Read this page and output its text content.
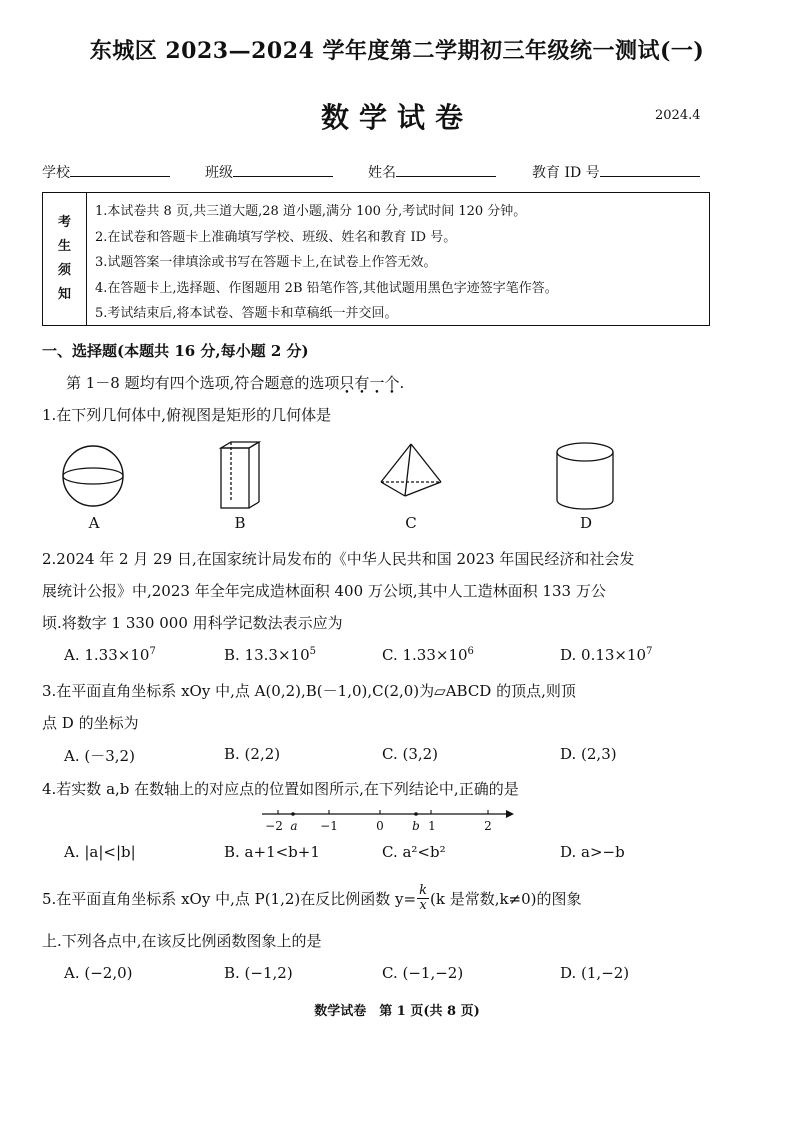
东城区 2023—2024 学年度第二学期初三年级统一测试(一)
数学试卷	2024.4
学校	班级	姓名	教育 ID 号
考
生
须
知
1.本试卷共 8 页,共三道大题,28 道小题,满分 100 分,考试时间 120 分钟。
2.在试卷和答题卡上准确填写学校、班级、姓名和教育 ID 号。
3.试题答案一律填涂或书写在答题卡上,在试卷上作答无效。
4.在答题卡上,选择题、作图题用 2B 铅笔作答,其他试题用黑色字迹签字笔作答。
5.考试结束后,将本试卷、答题卡和草稿纸一并交回。
一、选择题(本题共 16 分,每小题 2 分)
第 1－8 题均有四个选项,符合题意的选项只有一个.
1.在下列几何体中,俯视图是矩形的几何体是
A	B	C	D
2.2024 年 2 月 29 日,在国家统计局发布的《中华人民共和国 2023 年国民经济和社会发
展统计公报》中,2023 年全年完成造林面积 400 万公顷,其中人工造林面积 133 万公
顷.将数字 1 330 000 用科学记数法表示应为
A. $1.33\times 10^7$	B. $13.3\times 10^5$	C. $1.33\times 10^6$	D. $0.13\times 10^7$
3.在平面直角坐标系 xOy 中,点 A(0,2),B(－1,0),C(2,0)为▱ABCD 的顶点,则顶
点 D 的坐标为
A. (－3,2)	B. (2,2)	C. (3,2)	D. (2,3)
4.若实数 a,b 在数轴上的对应点的位置如图所示,在下列结论中,正确的是
−2 a −1	0 b 1	2
A. |a|<|b|	B. a+1<b+1	C. a²<b²	D. a>−b
5.在平面直角坐标系 xOy 中,点 P(1,2)在反比例函数 $y= \frac{k}{x} (k$ 是常数,k≠0)的图象
上.下列各点中,在该反比例函数图象上的是
A. (−2,0)	B. (−1,2)	C. (−1,−2)	D. (1,−2)
数学试卷　第 1 页(共 8 页)
